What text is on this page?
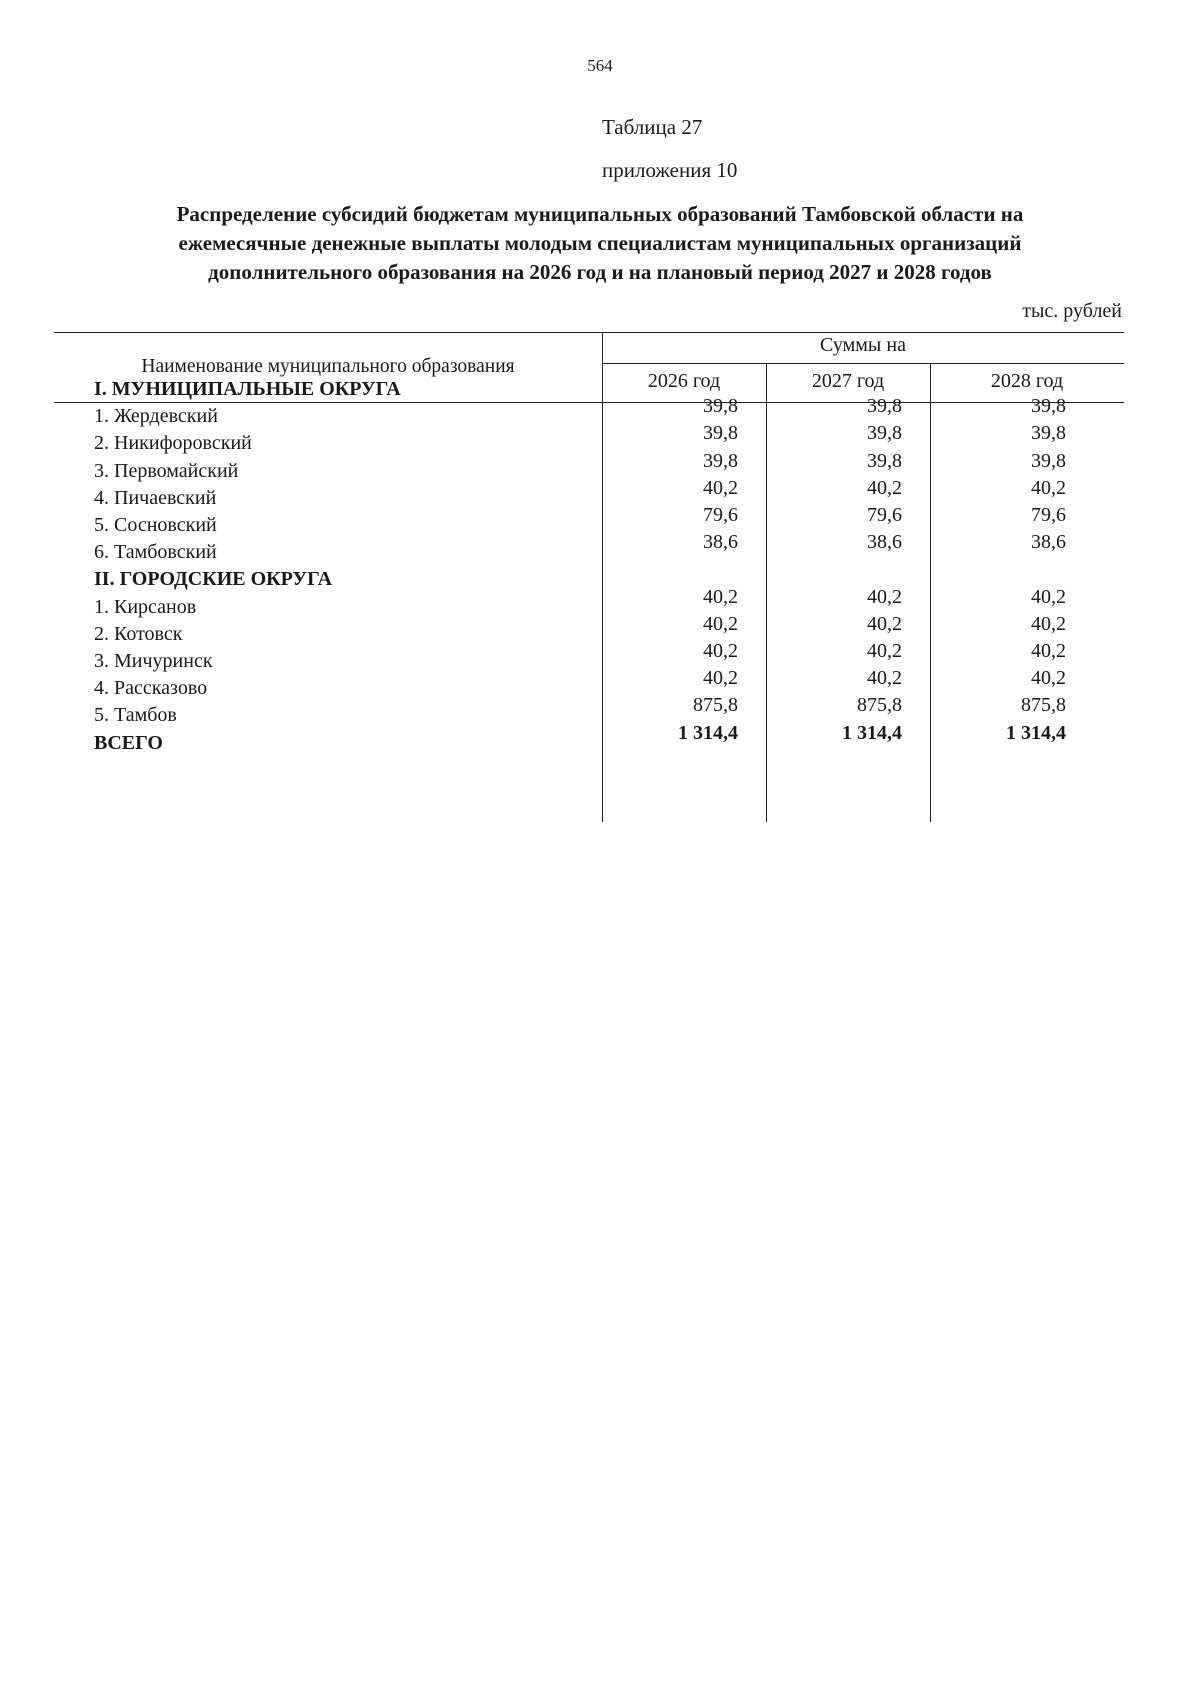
564
Таблица 27
приложения 10
Распределение субсидий бюджетам муниципальных образований Тамбовской области на
ежемесячные денежные выплаты молодым специалистам муниципальных организаций
дополнительного образования на 2026 год и на плановый период 2027 и 2028 годов
тыс. рублей
Наименование муниципального образования
Суммы на
2026 год	2027 год	2028 год
I. МУНИЦИПАЛЬНЫЕ ОКРУГА
1. Жердевский	39,8	39,8	39,8
2. Никифоровский	39,8	39,8	39,8
3. Первомайский	39,8	39,8	39,8
4. Пичаевский	40,2	40,2	40,2
5. Сосновский	79,6	79,6	79,6
6. Тамбовский	38,6	38,6	38,6
II. ГОРОДСКИЕ ОКРУГА
1. Кирсанов	40,2	40,2	40,2
2. Котовск	40,2	40,2	40,2
3. Мичуринск	40,2	40,2	40,2
4. Рассказово	40,2	40,2	40,2
5. Тамбов	875,8	875,8	875,8
ВСЕГО	1 314,4	1 314,4	1 314,4
